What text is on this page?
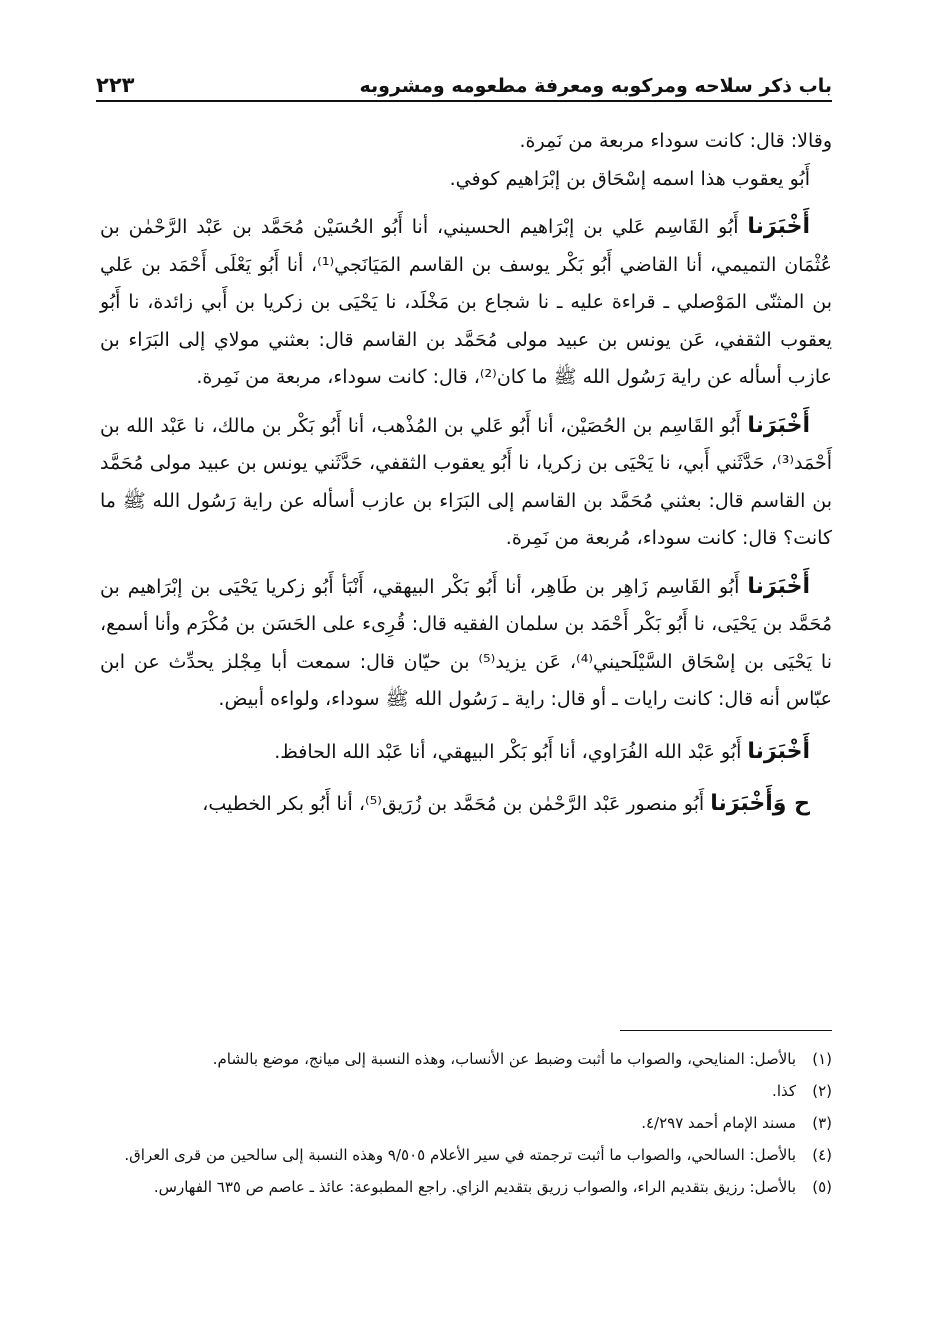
باب ذكر سلاحه ومركوبه ومعرفة مطعومه ومشروبه
٢٢٣

وقالا: قال: كانت سوداء مربعة من نَمِرة.

أَبُو يعقوب هذا اسمه إسْحَاق بن إبْرَاهيم كوفي.

أَخْبَرَنا أَبُو القَاسِم عَلي بن إبْرَاهيم الحسيني، أنا أَبُو الحُسَيْن مُحَمَّد بن عَبْد الرَّحْمٰن بن عُثْمَان التميمي، أنا القاضي أَبُو بَكْر يوسف بن القاسم المَيَانَجي⁽¹⁾، أنا أَبُو يَعْلَى أَحْمَد بن عَلي بن المثنّى المَوْصلي ـ قراءة عليه ـ نا شجاع بن مَخْلَد، نا يَحْيَى بن زكريا بن أَبي زائدة، نا أَبُو يعقوب الثقفي، عَن يونس بن عبيد مولى مُحَمَّد بن القاسم قال: بعثني مولاي إلى البَرَاء بن عازب أسأله عن راية رَسُول الله ﷺ ما كان⁽²⁾، قال: كانت سوداء، مربعة من نَمِرة.

أَخْبَرَنا أَبُو القَاسِم بن الحُصَيْن، أنا أَبُو عَلي بن المُذْهب، أنا أَبُو بَكْر بن مالك، نا عَبْد الله بن أَحْمَد⁽³⁾، حَدَّثَني أَبي، نا يَحْيَى بن زكريا، نا أَبُو يعقوب الثقفي، حَدَّثَني يونس بن عبيد مولى مُحَمَّد بن القاسم قال: بعثني مُحَمَّد بن القاسم إلى البَرَاء بن عازب أسأله عن راية رَسُول الله ﷺ ما كانت؟ قال: كانت سوداء، مُربعة من نَمِرة.

أَخْبَرَنا أَبُو القَاسِم زَاهِر بن طَاهِر، أنا أَبُو بَكْر البيهقي، أَنْبَأ أَبُو زكريا يَحْيَى بن إبْرَاهيم بن مُحَمَّد بن يَحْيَى، نا أَبُو بَكْر أَحْمَد بن سلمان الفقيه قال: قُرِىء على الحَسَن بن مُكْرَم وأنا أسمع، نا يَحْيَى بن إسْحَاق السَّيْلَحيني⁽⁴⁾، عَن يزيد⁽⁵⁾ بن حيّان قال: سمعت أبا مِجْلز يحدِّث عن ابن عبّاس أنه قال: كانت رايات ـ أو قال: راية ـ رَسُول الله ﷺ سوداء، ولواءه أبيض.

أَخْبَرَنا أَبُو عَبْد الله الفُرَاوي، أنا أَبُو بَكْر البيهقي، أنا عَبْد الله الحافظ.

ح وَأَخْبَرَنا أَبُو منصور عَبْد الرَّحْمٰن بن مُحَمَّد بن زُرَيق⁽⁵⁾، أنا أَبُو بكر الخطيب،

(١)
بالأصل: المنايحي، والصواب ما أثبت وضبط عن الأنساب، وهذه النسبة إلى ميانج، موضع بالشام.
(٢)
كذا.
(٣)
مسند الإمام أحمد ٤/٢٩٧.
(٤)
بالأصل: السالحي، والصواب ما أثبت ترجمته في سير الأعلام ٩/٥٠٥ وهذه النسبة إلى سالحين من قرى العراق.
(٥)
بالأصل: رزيق بتقديم الراء، والصواب زريق بتقديم الزاي. راجع المطبوعة: عائذ ـ عاصم ص ٦٣٥ الفهارس.
